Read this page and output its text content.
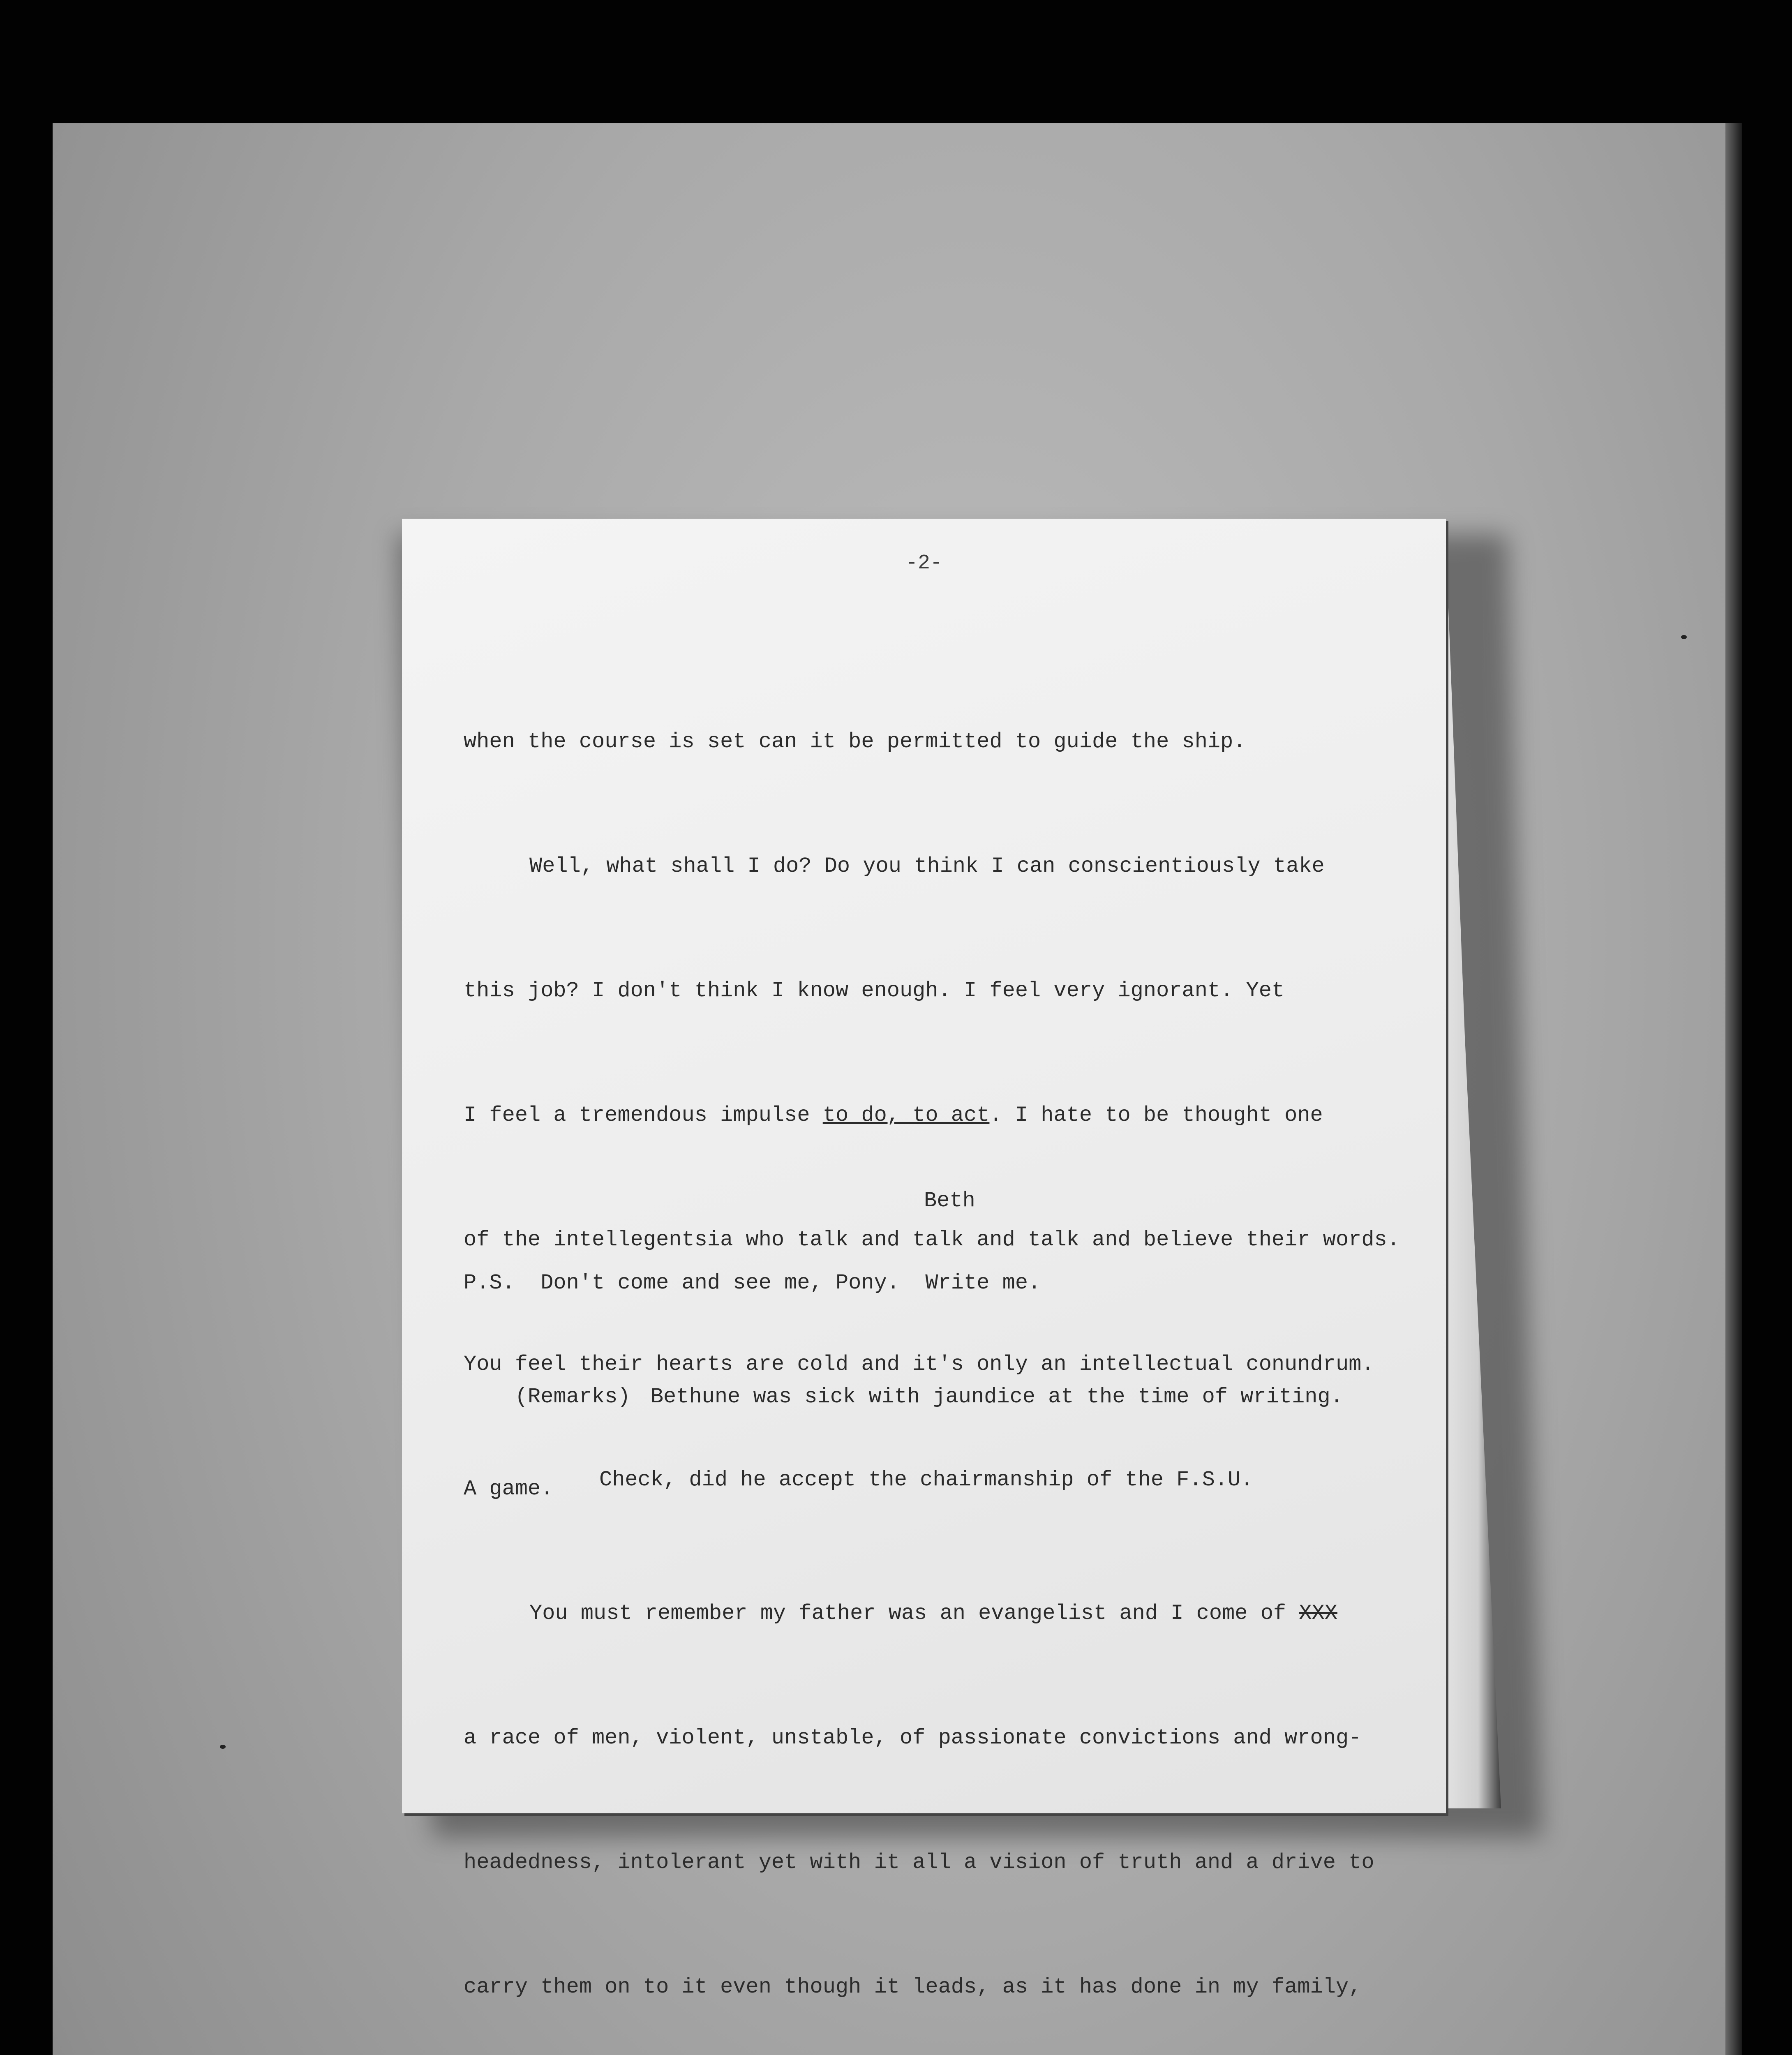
-2-

when the course is set can it be permitted to guide the ship.

Well, what shall I do? Do you think I can conscientiously take

this job? I don't think I know enough. I feel very ignorant. Yet

I feel a tremendous impulse to do, to act. I hate to be thought one

of the intellegentsia who talk and talk and talk and believe their words.

You feel their hearts are cold and it's only an intellectual conundrum.

A game.

You must remember my father was an evangelist and I come of XXX

a race of men, violent, unstable, of passionate convictions and wrong-

headedness, intolerant yet with it all a vision of truth and a drive to

carry them on to it even though it leads, as it has done in my family,

Beth
P.S.  Don't come and see me, Pony.  Write me.

(Remarks) Bethune was sick with jaundice at the time of writing.

Check, did he accept the chairmanship of the F.S.U.
